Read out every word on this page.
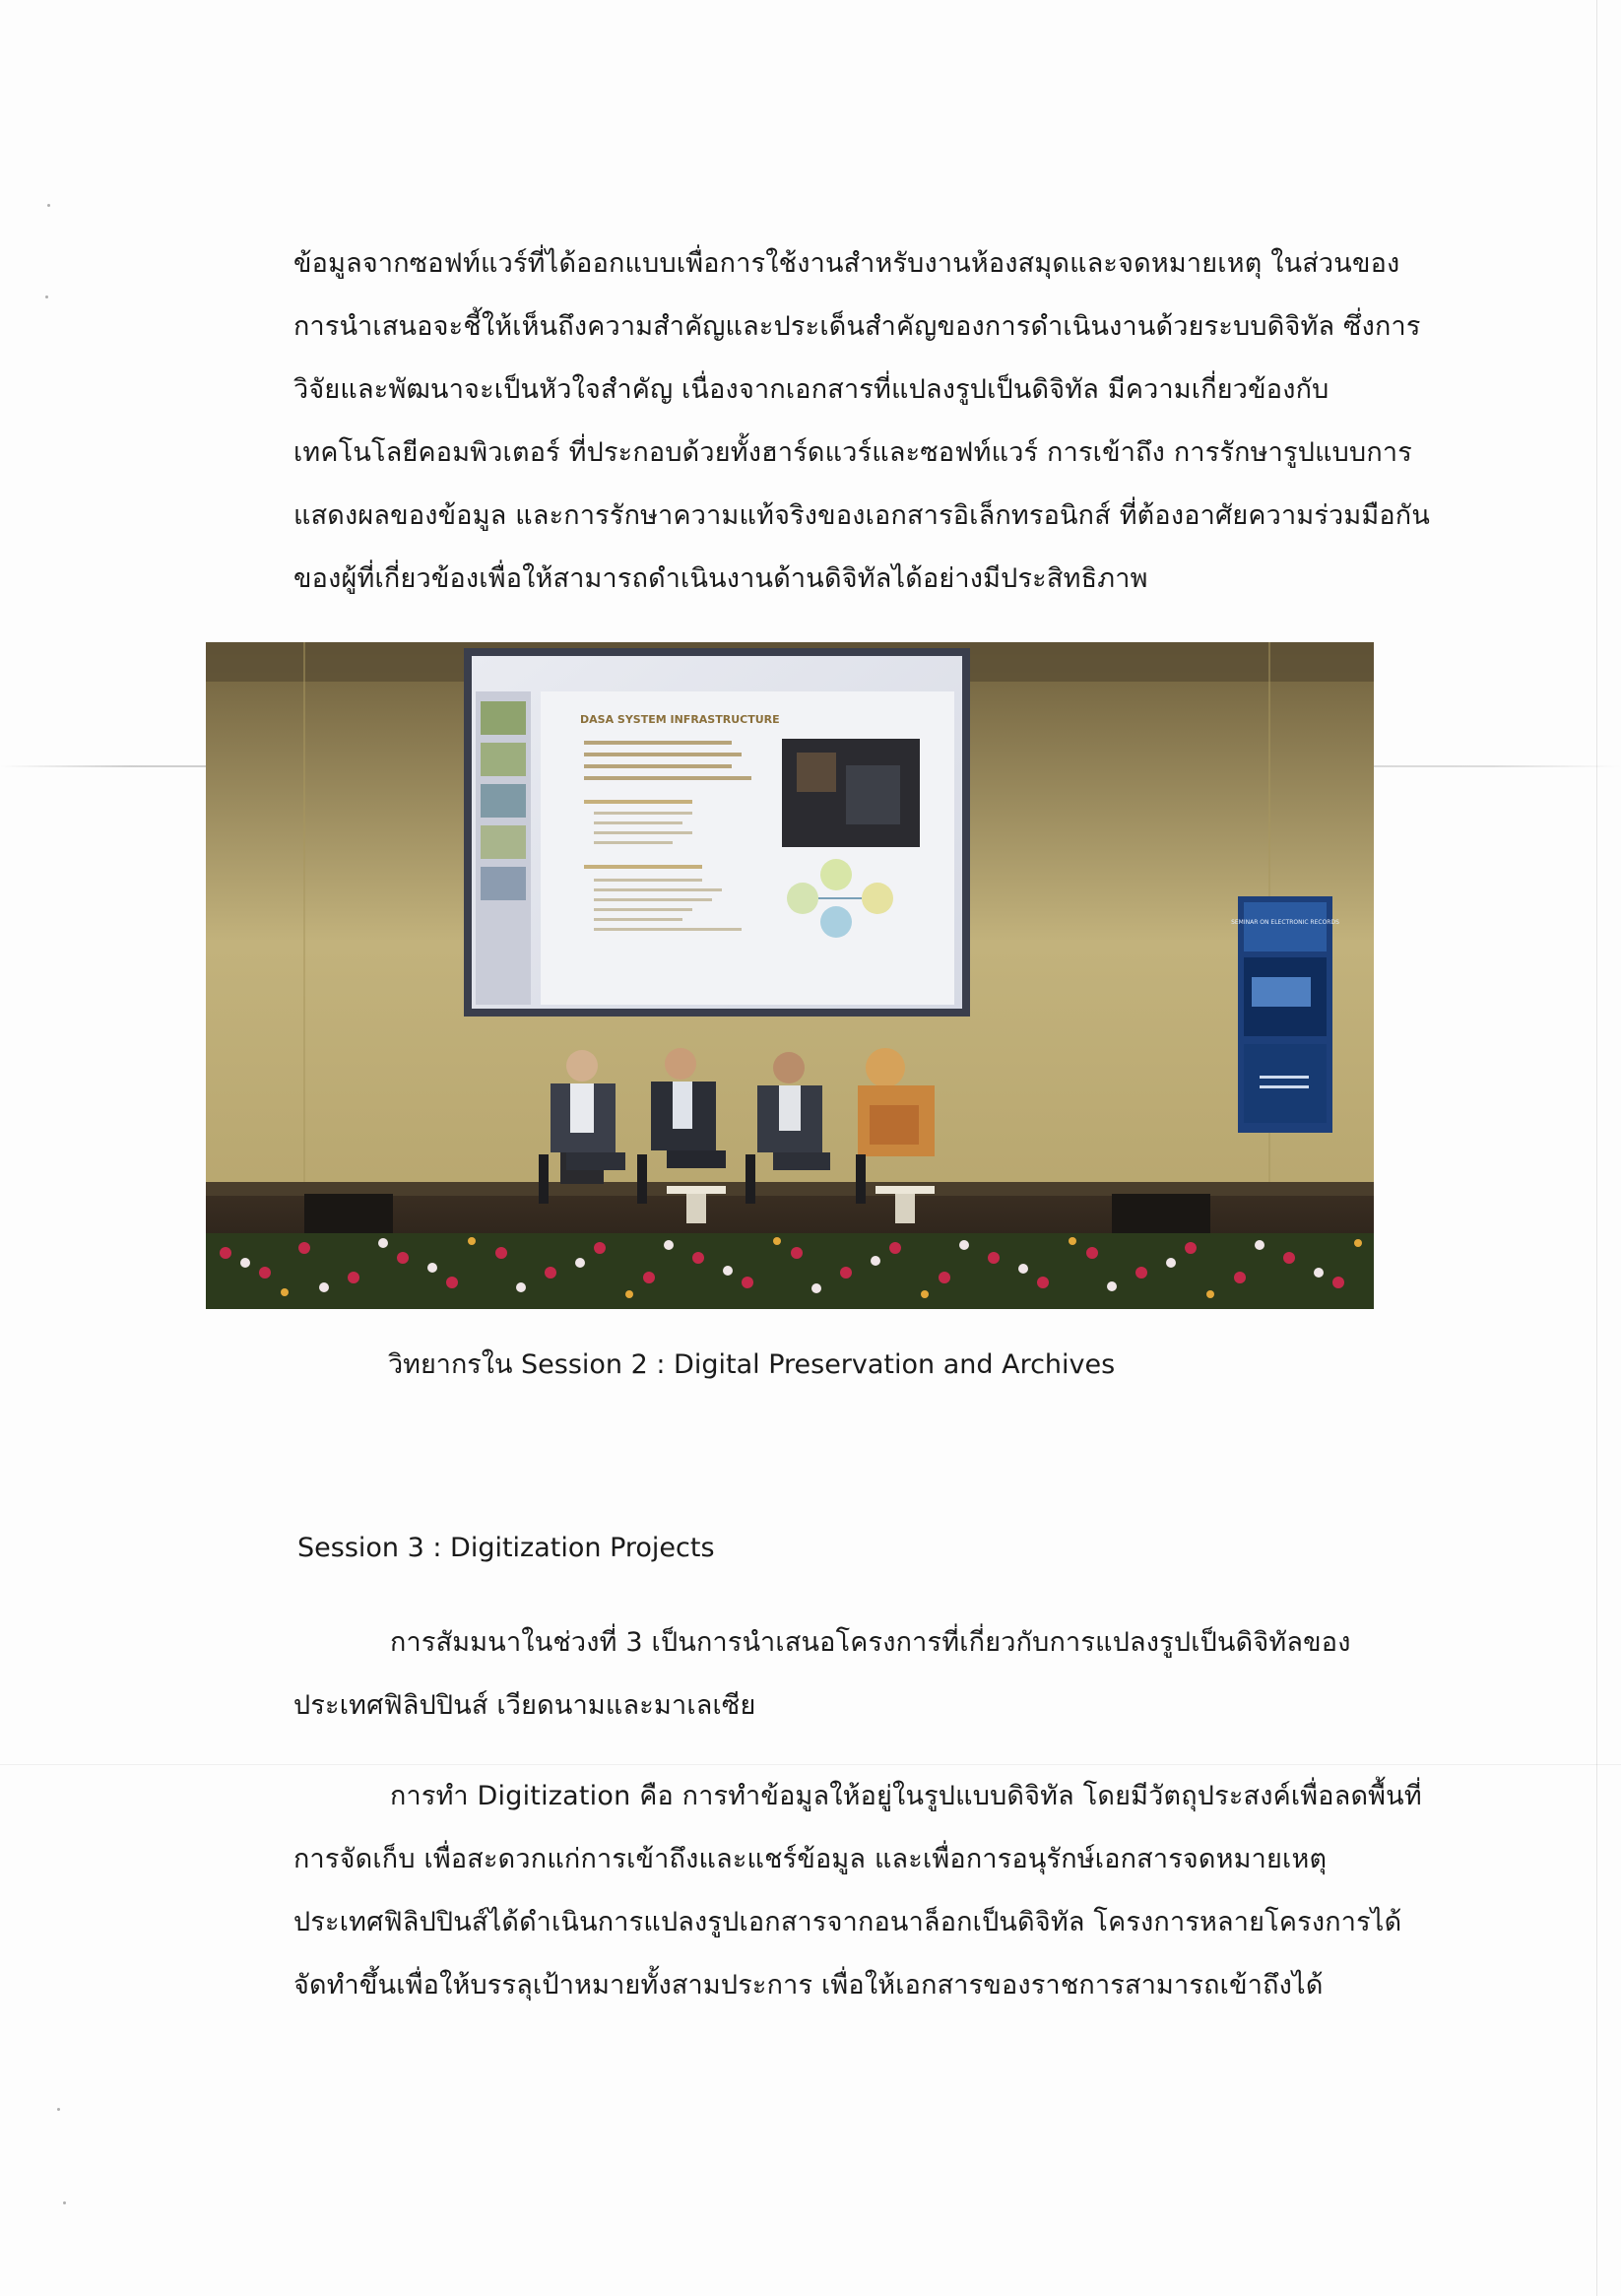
ข้อมูลจากซอฟท์แวร์ที่ได้ออกแบบเพื่อการใช้งานสำหรับงานห้องสมุดและจดหมายเหตุ ในส่วนของ
การนำเสนอจะชี้ให้เห็นถึงความสำคัญและประเด็นสำคัญของการดำเนินงานด้วยระบบดิจิทัล ซึ่งการ
วิจัยและพัฒนาจะเป็นหัวใจสำคัญ เนื่องจากเอกสารที่แปลงรูปเป็นดิจิทัล มีความเกี่ยวข้องกับ
เทคโนโลยีคอมพิวเตอร์ ที่ประกอบด้วยทั้งฮาร์ดแวร์และซอฟท์แวร์ การเข้าถึง การรักษารูปแบบการ
แสดงผลของข้อมูล และการรักษาความแท้จริงของเอกสารอิเล็กทรอนิกส์ ที่ต้องอาศัยความร่วมมือกัน
ของผู้ที่เกี่ยวข้องเพื่อให้สามารถดำเนินงานด้านดิจิทัลได้อย่างมีประสิทธิภาพ
DASA SYSTEM INFRASTRUCTURE
SEMINAR ON ELECTRONIC RECORDS
วิทยากรใน Session 2 : Digital Preservation and Archives
Session 3 : Digitization Projects
การสัมมนาในช่วงที่ 3 เป็นการนำเสนอโครงการที่เกี่ยวกับการแปลงรูปเป็นดิจิทัลของ
ประเทศฟิลิปปินส์ เวียดนามและมาเลเซีย
การทำ Digitization คือ การทำข้อมูลให้อยู่ในรูปแบบดิจิทัล โดยมีวัตถุประสงค์เพื่อลดพื้นที่
การจัดเก็บ เพื่อสะดวกแก่การเข้าถึงและแชร์ข้อมูล และเพื่อการอนุรักษ์เอกสารจดหมายเหตุ
ประเทศฟิลิปปินส์ได้ดำเนินการแปลงรูปเอกสารจากอนาล็อกเป็นดิจิทัล โครงการหลายโครงการได้
จัดทำขึ้นเพื่อให้บรรลุเป้าหมายทั้งสามประการ เพื่อให้เอกสารของราชการสามารถเข้าถึงได้
